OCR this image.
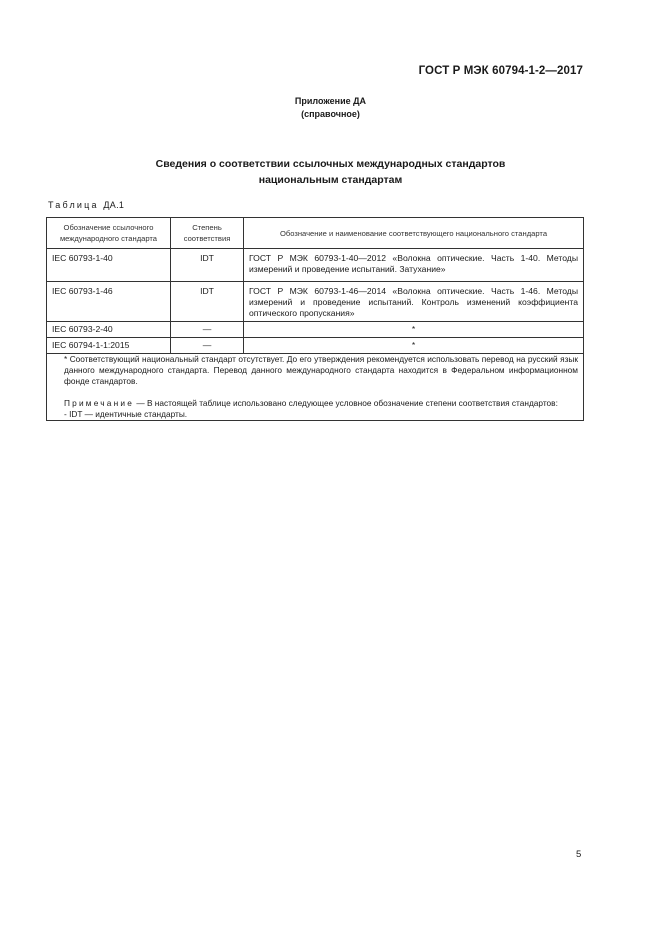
ГОСТ Р МЭК 60794-1-2—2017
Приложение ДА
(справочное)
Сведения о соответствии ссылочных международных стандартов
национальным стандартам
Таблица ДА.1
Обозначение ссылочного международного стандарта	Степень соответствия	Обозначение и наименование соответствующего национального стандарта
IEC 60793-1-40	IDT	ГОСТ Р МЭК 60793-1-40—2012 «Волокна оптические. Часть 1-40. Методы измерений и проведение испытаний. Затухание»
IEC 60793-1-46	IDT	ГОСТ Р МЭК 60793-1-46—2014 «Волокна оптические. Часть 1-46. Методы измерений и проведение испытаний. Контроль изменений коэффициента оптического пропускания»
IEC 60793-2-40	—	*
IEC 60794-1-1:2015	—	*

* Соответствующий национальный стандарт отсутствует. До его утверждения рекомендуется использовать перевод на русский язык данного международного стандарта. Перевод данного международного стандарта находится в Федеральном информационном фонде стандартов.

Примечание — В настоящей таблице использовано следующее условное обозначение степени соответствия стандартов:

- IDT — идентичные стандарты.		

5
